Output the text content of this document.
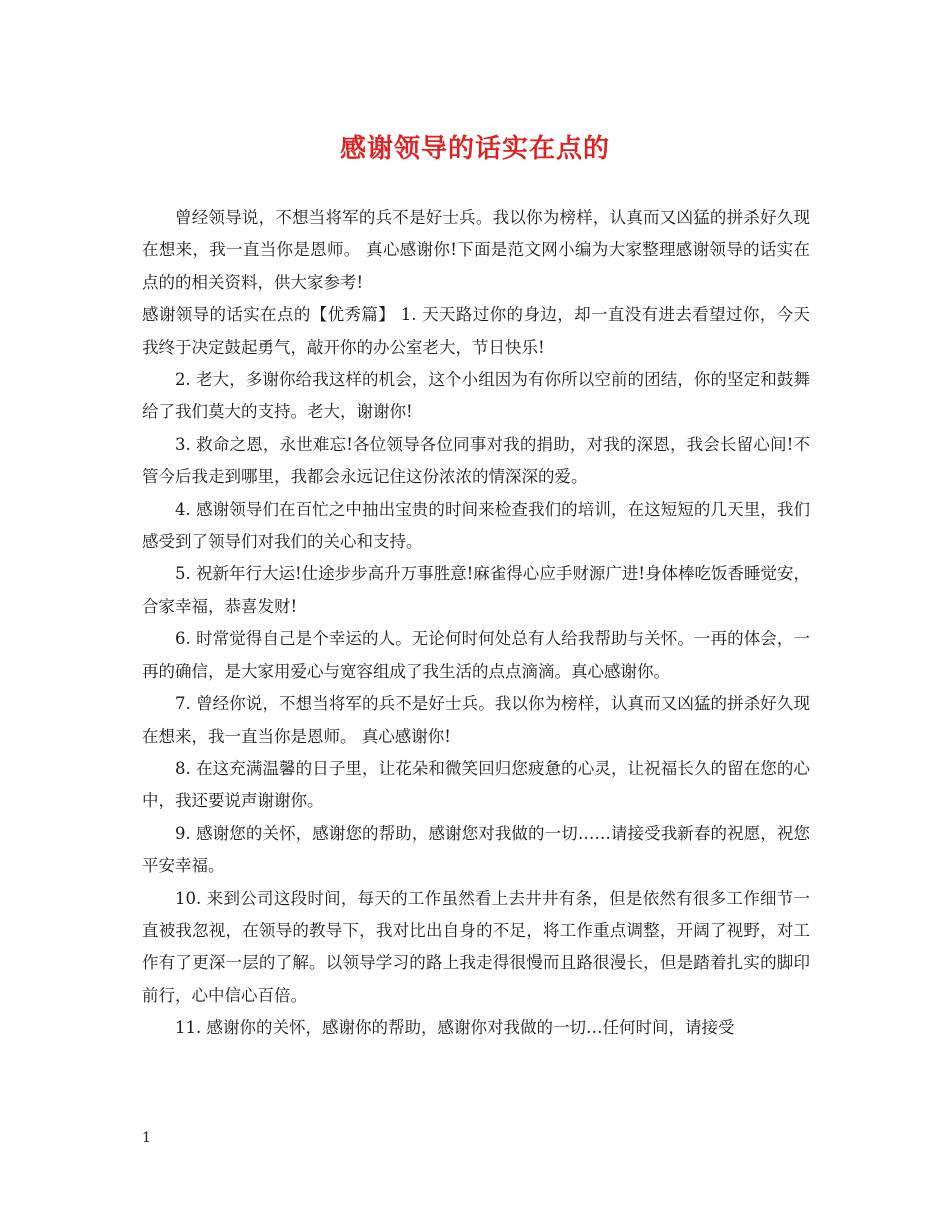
感谢领导的话实在点的

曾经领导说，不想当将军的兵不是好士兵。我以你为榜样，认真而又凶猛的拼杀好久现在想来，我一直当你是恩师。 真心感谢你!下面是范文网小编为大家整理感谢领导的话实在点的的相关资料，供大家参考!

感谢领导的话实在点的【优秀篇】 1. 天天路过你的身边，却一直没有进去看望过你，今天我终于决定鼓起勇气，敲开你的办公室老大，节日快乐!

2. 老大，多谢你给我这样的机会，这个小组因为有你所以空前的团结，你的坚定和鼓舞给了我们莫大的支持。老大，谢谢你!

3. 救命之恩，永世难忘!各位领导各位同事对我的捐助，对我的深恩，我会长留心间!不管今后我走到哪里，我都会永远记住这份浓浓的情深深的爱。

4. 感谢领导们在百忙之中抽出宝贵的时间来检查我们的培训，在这短短的几天里，我们感受到了领导们对我们的关心和支持。

5. 祝新年行大运!仕途步步高升万事胜意!麻雀得心应手财源广进!身体棒吃饭香睡觉安，合家幸福，恭喜发财!

6. 时常觉得自己是个幸运的人。无论何时何处总有人给我帮助与关怀。一再的体会，一再的确信，是大家用爱心与宽容组成了我生活的点点滴滴。真心感谢你。

7. 曾经你说，不想当将军的兵不是好士兵。我以你为榜样，认真而又凶猛的拼杀好久现在想来，我一直当你是恩师。 真心感谢你!

8. 在这充满温馨的日子里，让花朵和微笑回归您疲惫的心灵，让祝福长久的留在您的心中，我还要说声谢谢你。

9. 感谢您的关怀，感谢您的帮助，感谢您对我做的一切……请接受我新春的祝愿，祝您平安幸福。

10. 来到公司这段时间，每天的工作虽然看上去井井有条，但是依然有很多工作细节一直被我忽视，在领导的教导下，我对比出自身的不足，将工作重点调整，开阔了视野，对工作有了更深一层的了解。以领导学习的路上我走得很慢而且路很漫长，但是踏着扎实的脚印前行，心中信心百倍。

11. 感谢你的关怀，感谢你的帮助，感谢你对我做的一切…任何时间，请接受

1
